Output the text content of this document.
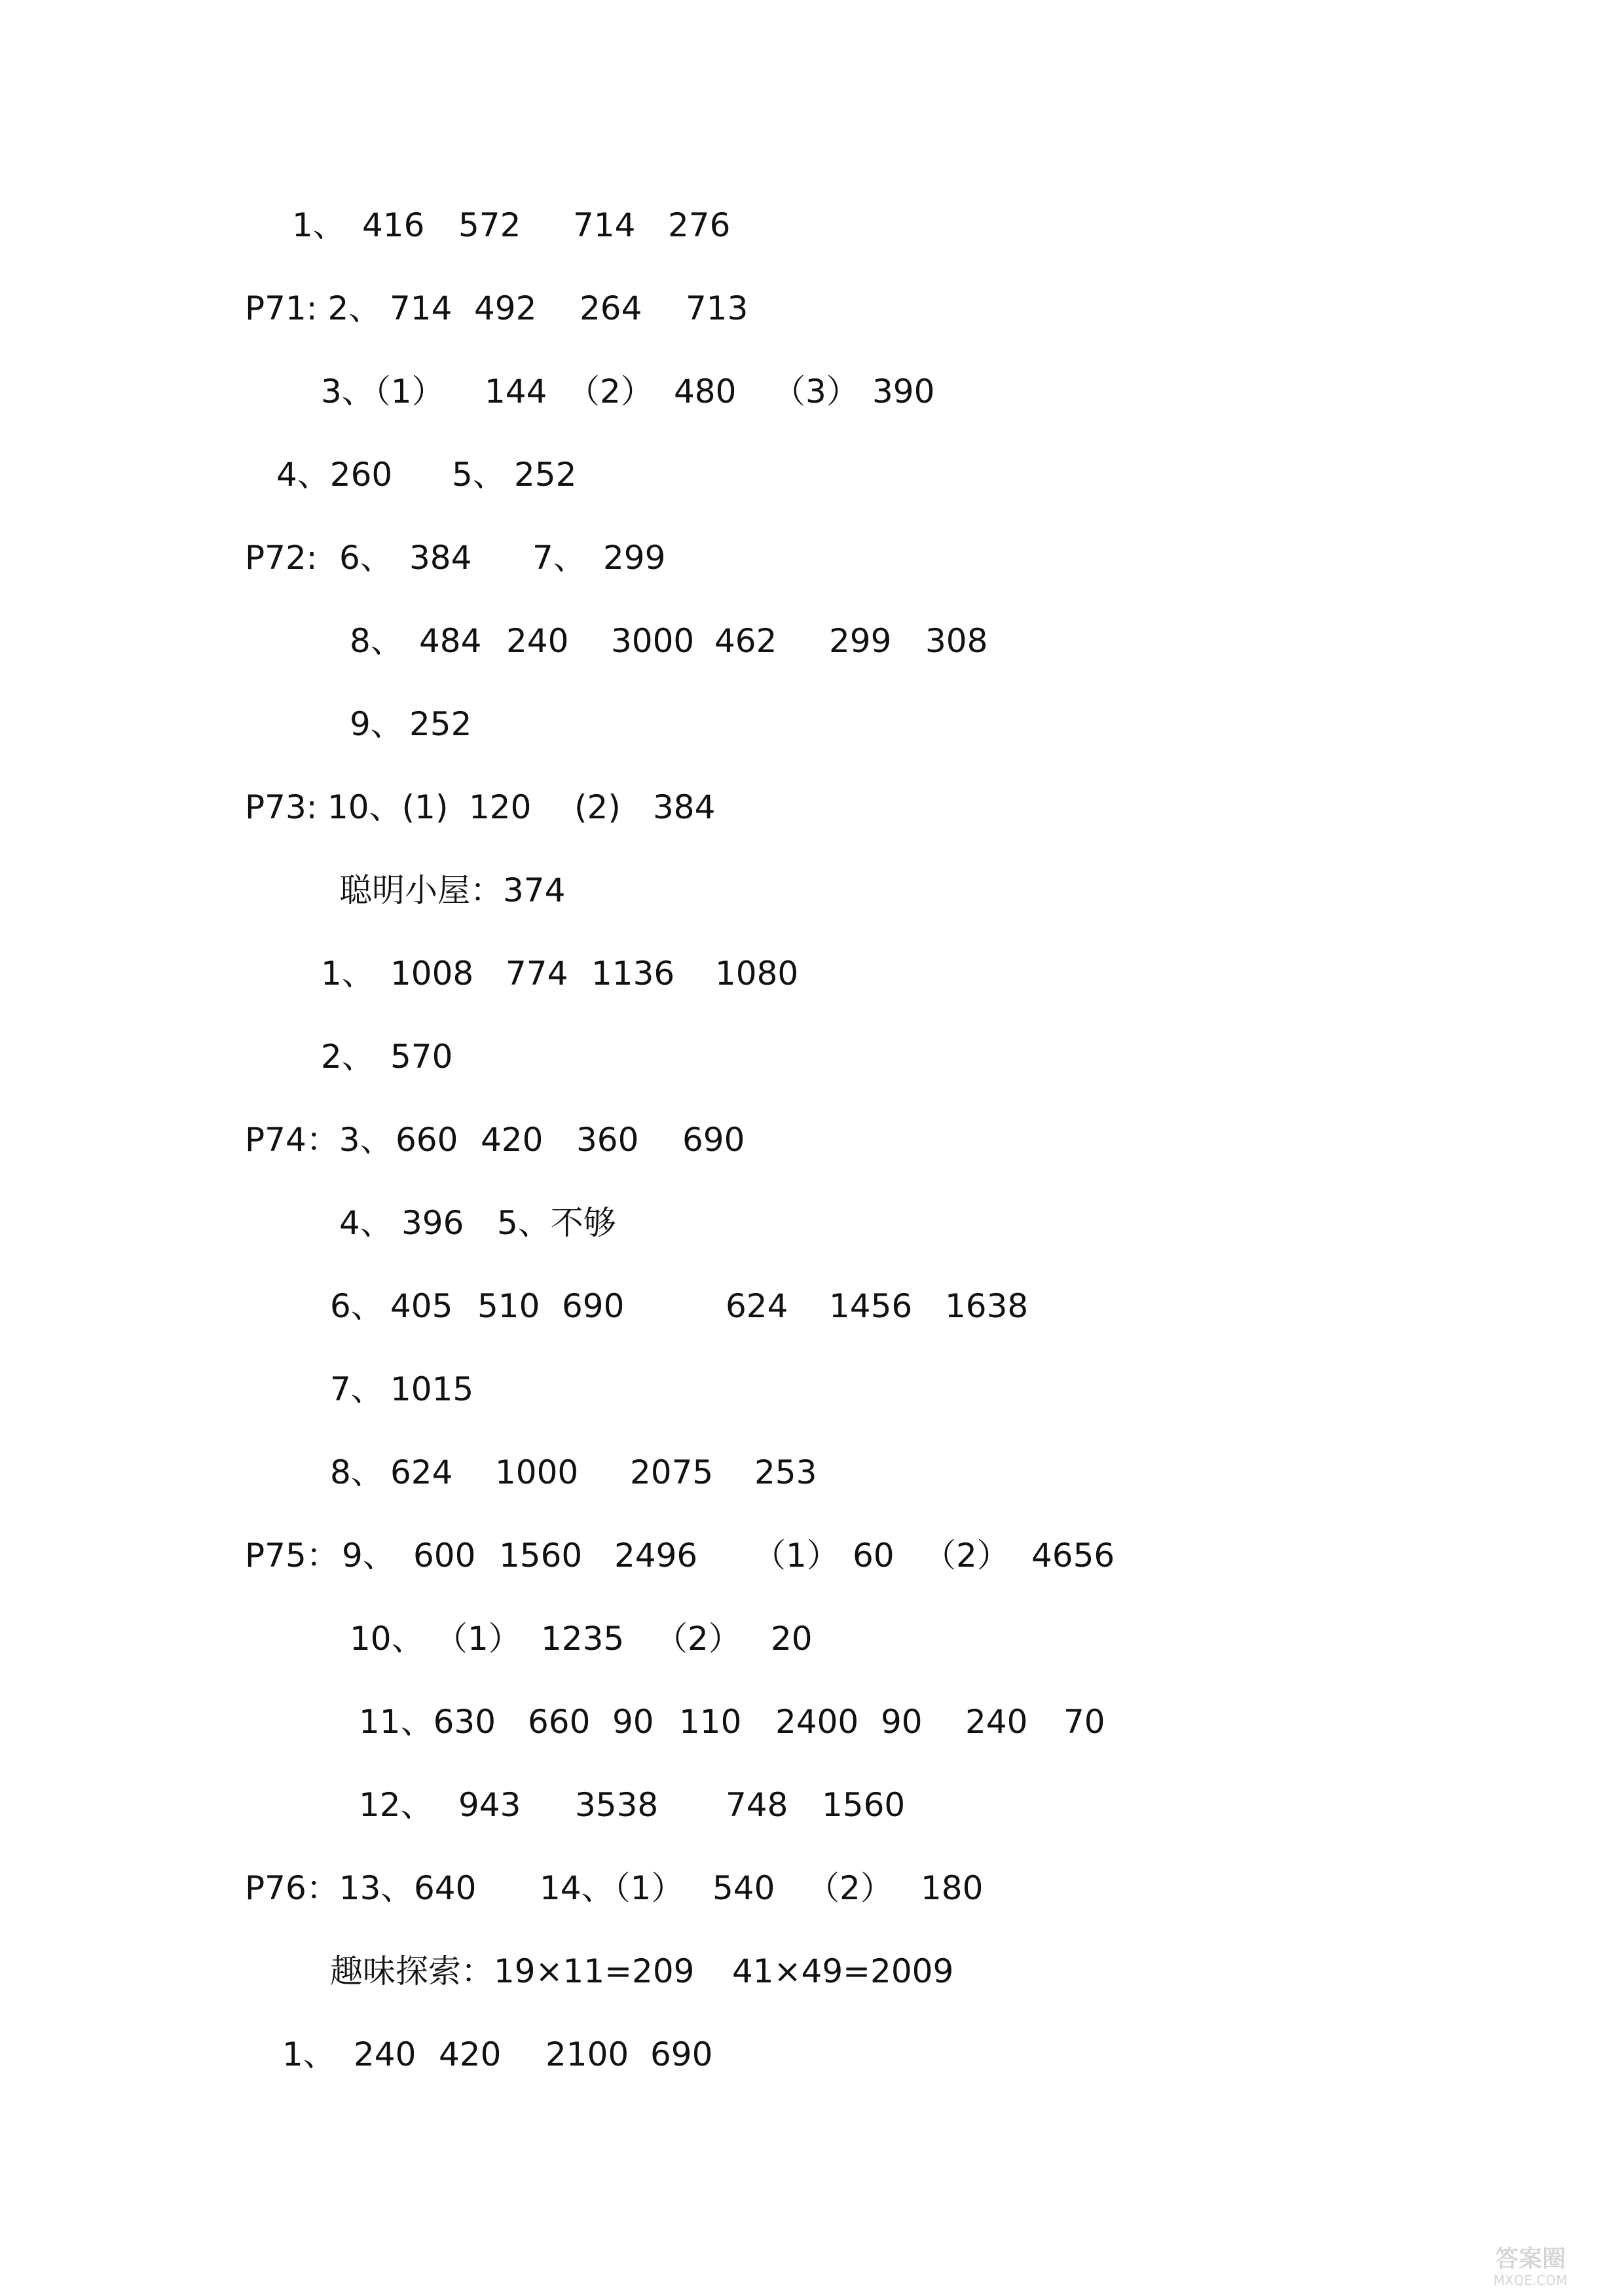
1、 416 572 714 276
P71: 2、 714 492 264 713
3、（1） 144 （2） 480 （3） 390
4、260 5、 252
P72: 6、 384 7、 299
8、 484 240 3000 462 299 308
9、 252
P73: 10、(1) 120 (2) 384
聪明小屋：374
1、 1008 774 1136 1080
2、 570
P74：3、 660 420 360 690
4、 396 5、不够
6、 405 510 690	624 1456 1638
7、 1015
8、 624 1000 2075 253
P75： 9、 600 1560 2496 （1） 60 （2） 4656
10、 （1） 1235 （2） 20
11、630 660 90 110 2400 90 240 70
12、 943 3538 748 1560
P76：13、 640 14、（1） 540 （2） 180
趣味探索：19×11=209 41×49=2009
1、 240 420 2100 690
答案圈
MXQE.COM
